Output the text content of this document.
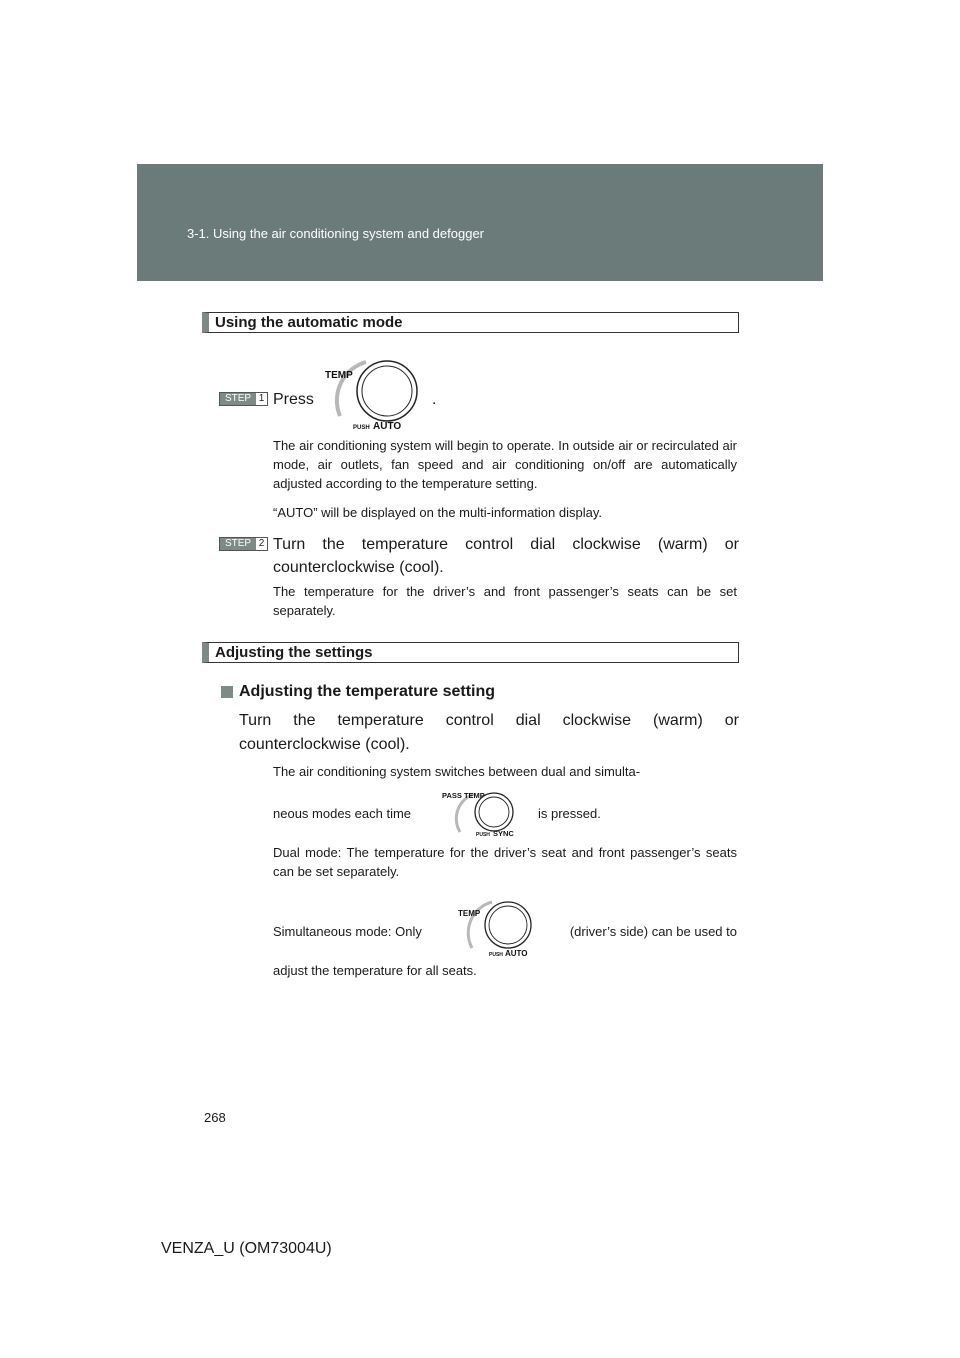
3-1. Using the air conditioning system and defogger
Using the automatic mode
STEP 1 Press

TEMP
PUSH AUTO

.

The air conditioning system will begin to operate. In outside air or recirculated air mode, air outlets, fan speed and air conditioning on/off are automatically adjusted according to the temperature setting.

“AUTO” will be displayed on the multi-information display.

STEP 2 Turn the temperature control dial clockwise (warm) or counterclockwise (cool).

The temperature for the driver’s and front passenger’s seats can be set separately.

Adjusting the settings

Adjusting the temperature setting

Turn the temperature control dial clockwise (warm) or counterclockwise (cool).

The air conditioning system switches between dual and simulta-

neous modes each time

PASS TEMP
PUSH SYNC

is pressed.

Dual mode: The temperature for the driver’s seat and front passenger’s seats can be set separately.

Simultaneous mode: Only

TEMP
PUSH AUTO

(driver’s side) can be used to

adjust the temperature for all seats.

268
VENZA_U (OM73004U)
